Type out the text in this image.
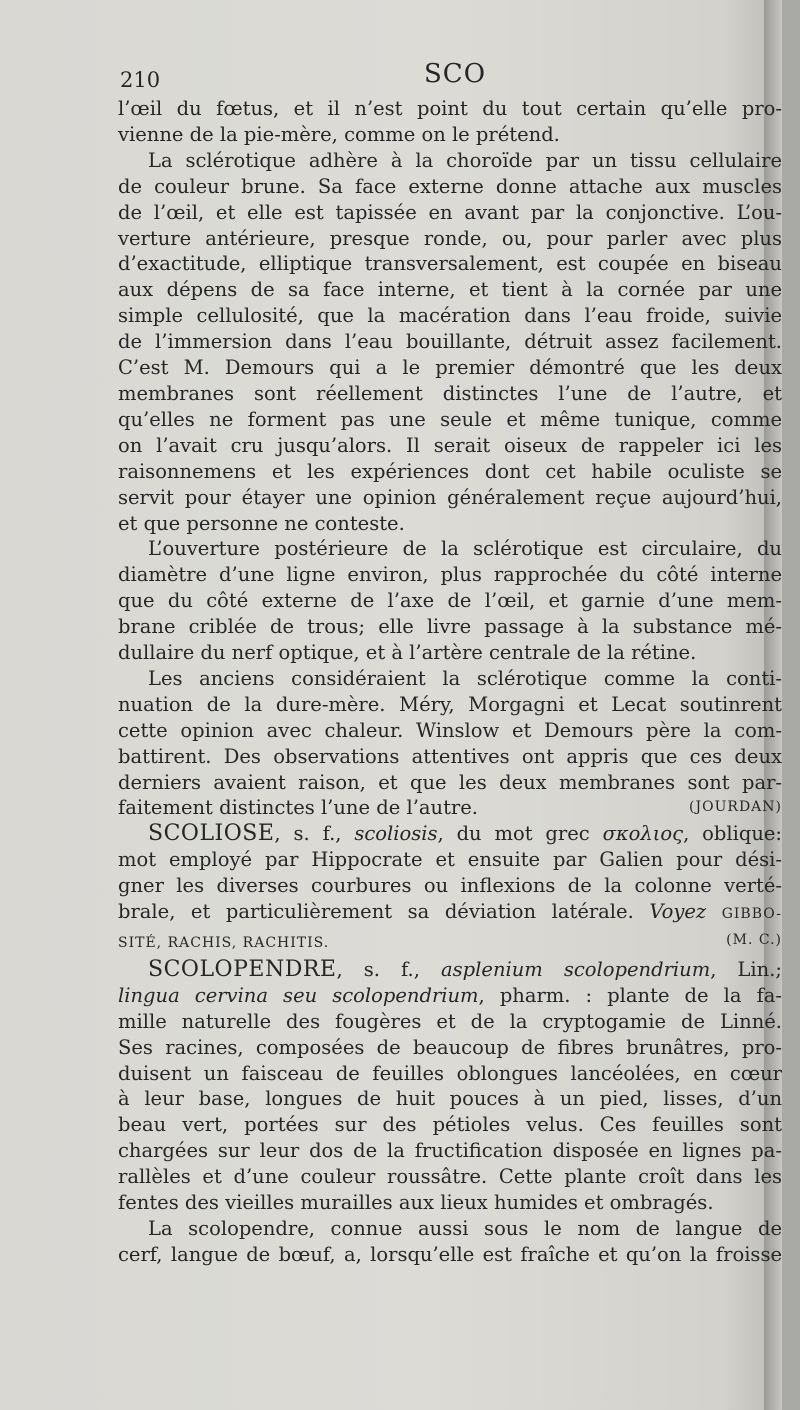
210	SCO
l’œil du fœtus, et il n’est point du tout certain qu’elle pro-
vienne de la pie-mère, comme on le prétend.
La sclérotique adhère à la choroïde par un tissu cellulaire
de couleur brune. Sa face externe donne attache aux muscles
de l’œil, et elle est tapissée en avant par la conjonctive. L’ou-
verture antérieure, presque ronde, ou, pour parler avec plus
d’exactitude, elliptique transversalement, est coupée en biseau
aux dépens de sa face interne, et tient à la cornée par une
simple cellulosité, que la macération dans l’eau froide, suivie
de l’immersion dans l’eau bouillante, détruit assez facilement.
C’est M. Demours qui a le premier démontré que les deux
membranes sont réellement distinctes l’une de l’autre, et
qu’elles ne forment pas une seule et même tunique, comme
on l’avait cru jusqu’alors. Il serait oiseux de rappeler ici les
raisonnemens et les expériences dont cet habile oculiste se
servit pour étayer une opinion généralement reçue aujourd’hui,
et que personne ne conteste.
L’ouverture postérieure de la sclérotique est circulaire, du
diamètre d’une ligne environ, plus rapprochée du côté interne
que du côté externe de l’axe de l’œil, et garnie d’une mem-
brane criblée de trous; elle livre passage à la substance mé-
dullaire du nerf optique, et à l’artère centrale de la rétine.
Les anciens considéraient la sclérotique comme la conti-
nuation de la dure-mère. Méry, Morgagni et Lecat soutinrent
cette opinion avec chaleur. Winslow et Demours père la com-
battirent. Des observations attentives ont appris que ces deux
derniers avaient raison, et que les deux membranes sont par-
faitement distinctes l’une de l’autre.	(JOURDAN)
SCOLIOSE, s. f., scoliosis, du mot grec σκολιος, oblique:
mot employé par Hippocrate et ensuite par Galien pour dési-
gner les diverses courbures ou inflexions de la colonne verté-
brale, et particulièrement sa déviation latérale. Voyez GIBBO-
SITÉ, RACHIS, RACHITIS.	(M. C.)
SCOLOPENDRE, s. f., asplenium scolopendrium, Lin.;
lingua cervina seu scolopendrium, pharm. : plante de la fa-
mille naturelle des fougères et de la cryptogamie de Linné.
Ses racines, composées de beaucoup de fibres brunâtres, pro-
duisent un faisceau de feuilles oblongues lancéolées, en cœur
à leur base, longues de huit pouces à un pied, lisses, d’un
beau vert, portées sur des pétioles velus. Ces feuilles sont
chargées sur leur dos de la fructification disposée en lignes pa-
rallèles et d’une couleur roussâtre. Cette plante croît dans les
fentes des vieilles murailles aux lieux humides et ombragés.
La scolopendre, connue aussi sous le nom de langue de
cerf, langue de bœuf, a, lorsqu’elle est fraîche et qu’on la froisse
